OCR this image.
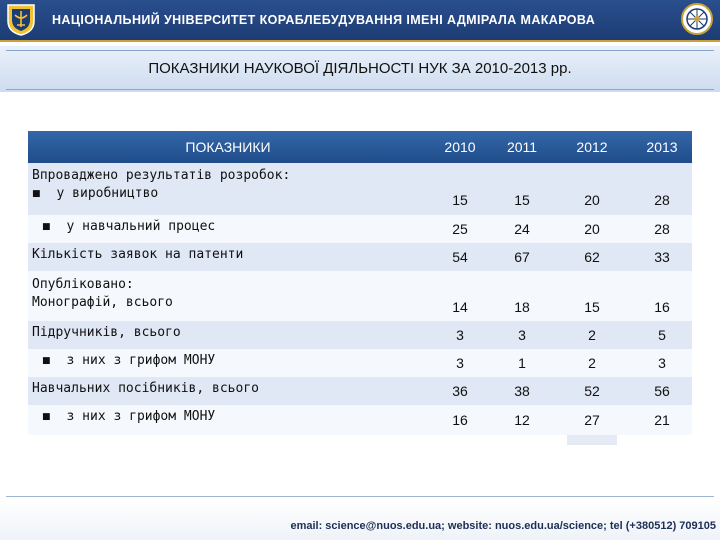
НАЦІОНАЛЬНИЙ УНІВЕРСИТЕТ КОРАБЛЕБУДУВАННЯ ІМЕНІ АДМІРАЛА МАКАРОВА
ПОКАЗНИКИ НАУКОВОЇ ДІЯЛЬНОСТІ НУК ЗА 2010-2013 рр.
ПОКАЗНИКИ	2010	2011	2012	2013
Впроваджено результатів розробок:
■ у виробництво	15	15	20	28
■ у навчальний процес	25	24	20	28
Кількість заявок на патенти	54	67	62	33
Опубліковано:
Монографій, всього	14	18	15	16
Підручників, всього	3	3	2	5
■ з них з грифом МОНУ	3	1	2	3
Навчальних посібників, всього	36	38	52	56
■ з них з грифом МОНУ	16	12	27	21
email: science@nuos.edu.ua; website: nuos.edu.ua/science; tel (+380512) 709105
